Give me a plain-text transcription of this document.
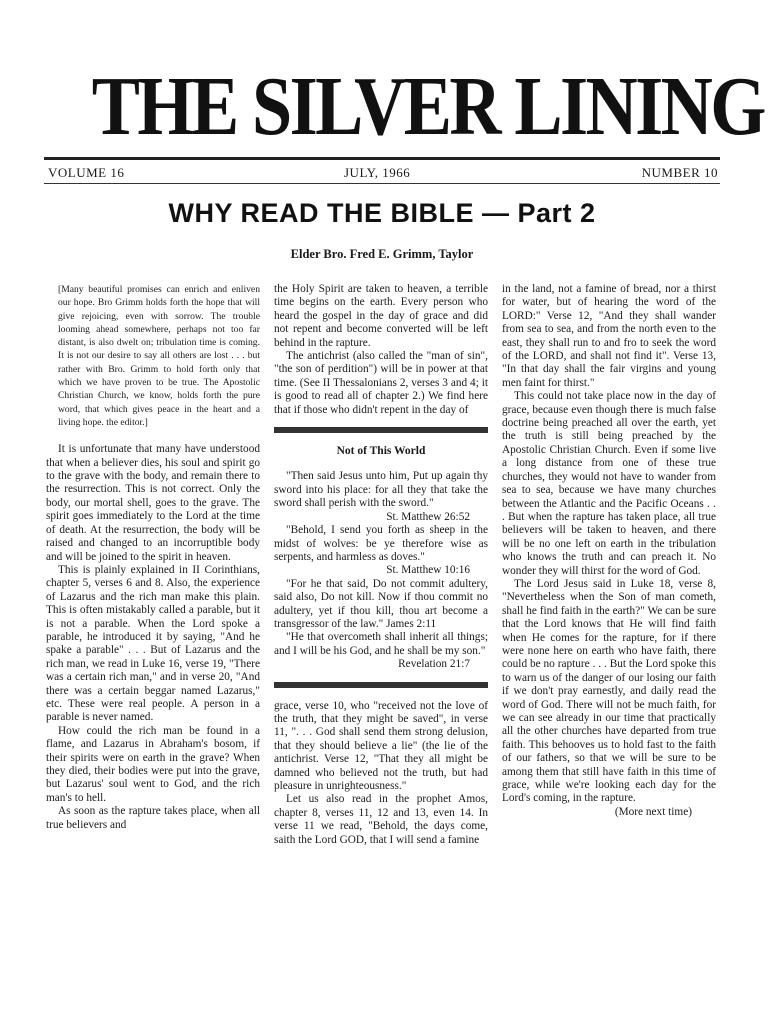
THE SILVER LINING
VOLUME 16	JULY, 1966	NUMBER 10
WHY READ THE BIBLE — Part 2
Elder Bro. Fred E. Grimm, Taylor

[Many beautiful promises can enrich and enliven our hope. Bro Grimm holds forth the hope that will give rejoicing, even with sorrow. The trouble looming ahead somewhere, perhaps not too far distant, is also dwelt on; tribulation time is coming. It is not our desire to say all others are lost . . . but rather with Bro. Grimm to hold forth only that which we have proven to be true. The Apostolic Christian Church, we know, holds forth the pure word, that which gives peace in the heart and a living hope. the editor.]

It is unfortunate that many have understood that when a believer dies, his soul and spirit go to the grave with the body, and remain there to the resurrection. This is not correct. Only the body, our mortal shell, goes to the grave. The spirit goes immediately to the Lord at the time of death. At the resurrection, the body will be raised and changed to an incorruptible body and will be joined to the spirit in heaven.

This is plainly explained in II Corinthians, chapter 5, verses 6 and 8. Also, the experience of Lazarus and the rich man make this plain. This is often mistakably called a parable, but it is not a parable. When the Lord spoke a parable, he introduced it by saying, "And he spake a parable" . . . But of Lazarus and the rich man, we read in Luke 16, verse 19, "There was a certain rich man," and in verse 20, "And there was a certain beggar named Lazarus," etc. These were real people. A person in a parable is never named.

How could the rich man be found in a flame, and Lazarus in Abraham's bosom, if their spirits were on earth in the grave? When they died, their bodies were put into the grave, but Lazarus' soul went to God, and the rich man's to hell.

As soon as the rapture takes place, when all true believers and

the Holy Spirit are taken to heaven, a terrible time begins on the earth. Every person who heard the gospel in the day of grace and did not repent and become converted will be left behind in the rapture.

The antichrist (also called the "man of sin", "the son of perdition") will be in power at that time. (See II Thessalonians 2, verses 3 and 4; it is good to read all of chapter 2.) We find here that if those who didn't repent in the day of

Not of This World

"Then said Jesus unto him, Put up again thy sword into his place: for all they that take the sword shall perish with the sword."

St. Matthew 26:52

"Behold, I send you forth as sheep in the midst of wolves: be ye therefore wise as serpents, and harmless as doves."

St. Matthew 10:16

"For he that said, Do not commit adultery, said also, Do not kill. Now if thou commit no adultery, yet if thou kill, thou art become a transgressor of the law." James 2:11

"He that overcometh shall inherit all things; and I will be his God, and he shall be my son."

Revelation 21:7

grace, verse 10, who "received not the love of the truth, that they might be saved", in verse 11, ". . . God shall send them strong delusion, that they should believe a lie" (the lie of the antichrist. Verse 12, "That they all might be damned who believed not the truth, but had pleasure in unrighteousness."

Let us also read in the prophet Amos, chapter 8, verses 11, 12 and 13, even 14. In verse 11 we read, "Behold, the days come, saith the Lord GOD, that I will send a famine

in the land, not a famine of bread, nor a thirst for water, but of hearing the word of the LORD:" Verse 12, "And they shall wander from sea to sea, and from the north even to the east, they shall run to and fro to seek the word of the LORD, and shall not find it". Verse 13, "In that day shall the fair virgins and young men faint for thirst."

This could not take place now in the day of grace, because even though there is much false doctrine being preached all over the earth, yet the truth is still being preached by the Apostolic Christian Church. Even if some live a long distance from one of these true churches, they would not have to wander from sea to sea, because we have many churches between the Atlantic and the Pacific Oceans . . . But when the rapture has taken place, all true believers will be taken to heaven, and there will be no one left on earth in the tribulation who knows the truth and can preach it. No wonder they will thirst for the word of God.

The Lord Jesus said in Luke 18, verse 8, "Nevertheless when the Son of man cometh, shall he find faith in the earth?" We can be sure that the Lord knows that He will find faith when He comes for the rapture, for if there were none here on earth who have faith, there could be no rapture . . . But the Lord spoke this to warn us of the danger of our losing our faith if we don't pray earnestly, and daily read the word of God. There will not be much faith, for we can see already in our time that practically all the other churches have departed from true faith. This behooves us to hold fast to the faith of our fathers, so that we will be sure to be among them that still have faith in this time of grace, while we're looking each day for the Lord's coming, in the rapture.

(More next time)
